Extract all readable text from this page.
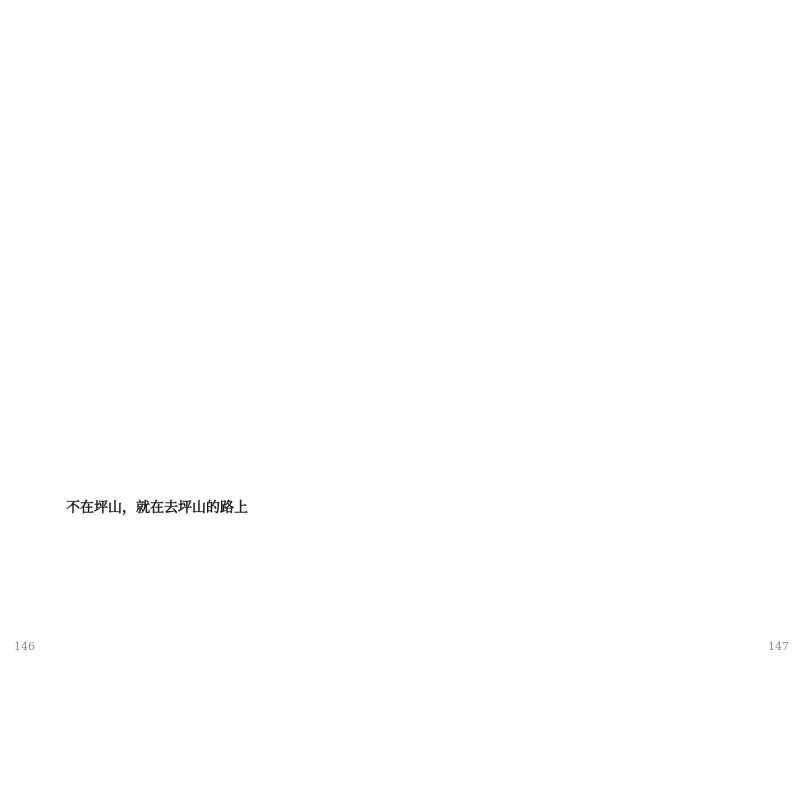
不在坪山，就在去坪山的路上

146	147
